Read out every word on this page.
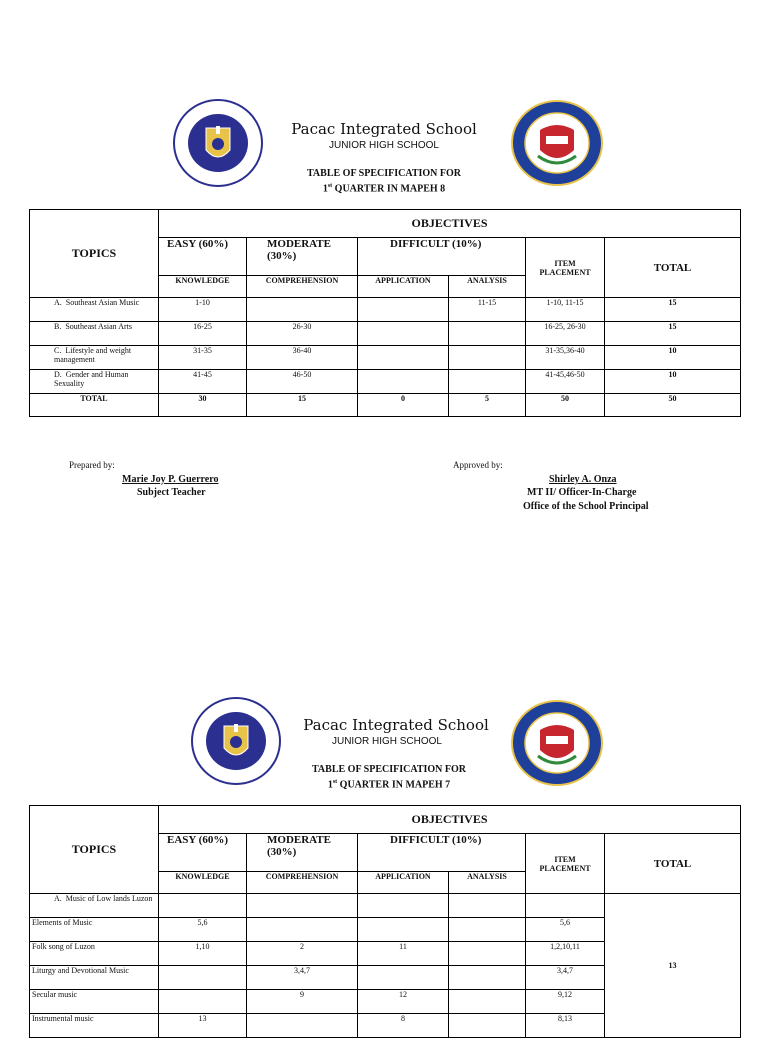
Pacac Integrated School
JUNIOR HIGH SCHOOL
TABLE OF SPECIFICATION FOR
1st QUARTER IN MAPEH 8
TOPICS	OBJECTIVES					
	EASY (60%)	MODERATE (30%)	DIFFICULT (10%)		ITEM PLACEMENT	TOTAL
	KNOWLEDGE	COMPREHENSION	APPLICATION	ANALYSIS		
A. Southeast Asian Music	1-10			11-15	1-10, 11-15	15
B. Southeast Asian Arts	16-25	26-30			16-25, 26-30	15
C. Lifestyle and weight management	31-35	36-40			31-35,36-40	10
D. Gender and Human Sexuality	41-45	46-50			41-45,46-50	10
TOTAL	30	15	0	5	50	50
Prepared by:
Marie Joy P. Guerrero
Subject Teacher
Approved by:
Shirley A. Onza
MT II/ Officer-In-Charge
Office of the School Principal
Pacac Integrated School
JUNIOR HIGH SCHOOL
TABLE OF SPECIFICATION FOR
1st QUARTER IN MAPEH 7
TOPICS	OBJECTIVES					
	EASY (60%)	MODERATE (30%)	DIFFICULT (10%)		ITEM PLACEMENT	TOTAL
	KNOWLEDGE	COMPREHENSION	APPLICATION	ANALYSIS		
A. Music of Low lands Luzon						13
Elements of Music	5,6				5,6	
Folk song of Luzon	1,10	2	11		1,2,10,11	
Liturgy and Devotional Music		3,4,7			3,4,7	
Secular music		9	12		9,12	
Instrumental music	13		8		8,13	
